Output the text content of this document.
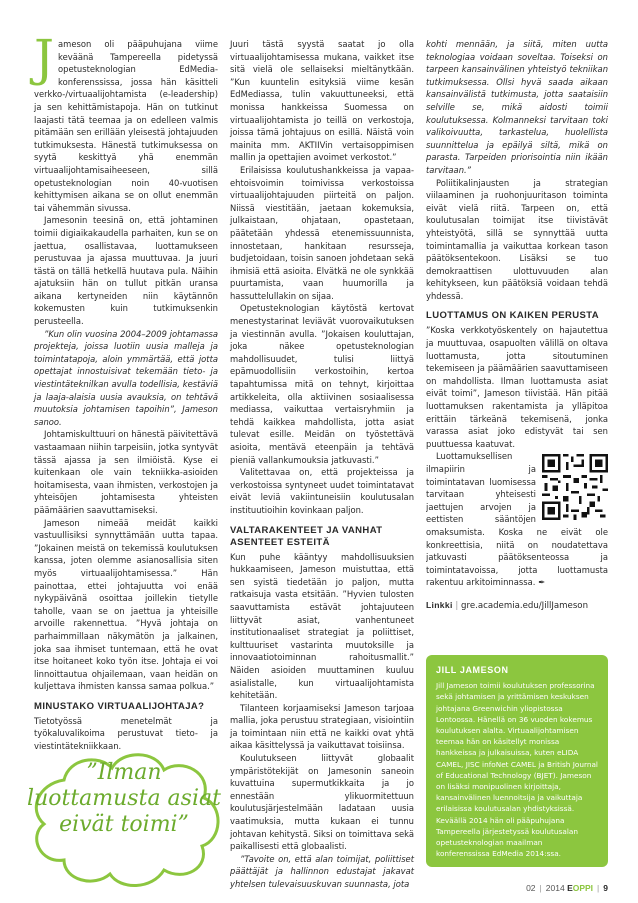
Jameson oli pääpuhujana viime keväänä Tampereella pidetyssä opetusteknologian EdMedia-konferenssissa, jossa hän käsitteli verkko-/virtuaalijohtamista (e-leadership) ja sen kehittämistapoja. Hän on tutkinut laajasti tätä teemaa ja on edelleen valmis pitämään sen erillään yleisestä johtajuuden tutkimuksesta. Hänestä tutkimuksessa on syytä keskittyä yhä enemmän virtuaalijohtamisaiheeseen, sillä opetusteknologian noin 40-vuotisen kehittymisen aikana se on ollut enemmän tai vähemmän sivussa.

Jamesonin teesinä on, että johtaminen toimii digiaikakaudella parhaiten, kun se on jaettua, osallistavaa, luottamukseen perustuvaa ja ajassa muuttuvaa. Ja juuri tästä on tällä hetkellä huutava pula. Näihin ajatuksiin hän on tullut pitkän uransa aikana kertyneiden niin käytännön kokemusten kuin tutkimuksenkin perusteella.

”Kun olin vuosina 2004–2009 johtamassa projekteja, joissa luotiin uusia malleja ja toimintatapoja, aloin ymmärtää, että jotta opettajat innostuisivat tekemään tieto- ja viestintäteknilkan avulla todellisia, kestäviä ja laaja-alaisia uusia avauksia, on tehtävä muutoksia johtamisen tapoihin”, Jameson sanoo.

Johtamiskulttuuri on hänestä päivitettävä vastaamaan niihin tarpeisiin, jotka syntyvät tässä ajassa ja sen ilmiöistä. Kyse ei kuitenkaan ole vain tekniikka-asioiden hoitamisesta, vaan ihmisten, verkostojen ja yhteisöjen johtamisesta yhteisten päämäärien saavuttamiseksi.

Jameson nimeää meidät kaikki vastuullisiksi synnyttämään uutta tapaa. ”Jokainen meistä on tekemissä koulutuksen kanssa, joten olemme asianosallisia siten myös virtuaalijohtamisessa.” Hän painottaa, ettei johtajuutta voi enää nykypäivänä osoittaa joillekin tietylle taholle, vaan se on jaettua ja yhteisille arvoille rakennettua. ”Hyvä johtaja on parhaimmillaan näkymätön ja jalkainen, joka saa ihmiset tuntemaan, että he ovat itse hoitaneet koko työn itse. Johtaja ei voi linnoittautua ohjailemaan, vaan heidän on kuljettava ihmisten kanssa samaa polkua.”

MINUSTAKO VIRTUAALIJOHTAJA?

Tietotyössä menetelmät ja työkaluvalikoima perustuvat tieto- ja viestintätekniikkaan.

”Ilman
luottamusta asiat
eivät toimi”

Juuri tästä syystä saatat jo olla virtuaalijohtamisessa mukana, vaikket itse sitä vielä ole sellaiseksi mieltänytkään. ”Kun kuuntelin esityksiä viime kesän EdMediassa, tulin vakuuttuneeksi, että monissa hankkeissa Suomessa on virtuaalijohtamista jo teillä on verkostoja, joissa tämä johtajuus on esillä. Näistä voin mainita mm. AKTIIVin vertaisoppimisen mallin ja opettajien avoimet verkostot.”

Erilaisissa koulutushankkeissa ja vapaa-ehtoisvoimin toimivissa verkostoissa virtuaalijohtajuuden piirteitä on paljon. Niissä viestitään, jaetaan kokemuksia, julkaistaan, ohjataan, opastetaan, päätetään yhdessä etenemissuunnista, innostetaan, hankitaan resursseja, budjetoidaan, toisin sanoen johdetaan sekä ihmisiä että asioita. Elvätkä ne ole synkkää puurtamista, vaan huumorilla ja hassuttelullakin on sijaa.

Opetusteknologian käytöstä kertovat menestystarinat leviävät vuorovaikutuksen ja viestinnän avulla. ”Jokaisen kouluttajan, joka näkee opetusteknologian mahdollisuudet, tulisi liittyä epämuodollisiin verkostoihin, kertoa tapahtumissa mitä on tehnyt, kirjoittaa artikkeleita, olla aktiivinen sosiaalisessa mediassa, vaikuttaa vertaisryhmiin ja tehdä kaikkea mahdollista, jotta asiat tulevat esille. Meidän on työstettävä asioita, mentävä eteenpäin ja tehtävä pieniä vallankumouksia jatkuvasti.”

Valitettavaa on, että projekteissa ja verkostoissa syntyneet uudet toimintatavat eivät leviä vakiintuneisiin koulutusalan instituutioihin kovinkaan paljon.

VALTARAKENTEET JA VANHAT ASENTEET ESTEITÄ

Kun puhe kääntyy mahdollisuuksien hukkaamiseen, Jameson muistuttaa, että sen syistä tiedetään jo paljon, mutta ratkaisuja vasta etsitään. ”Hyvien tulosten saavuttamista estävät johtajuuteen liittyvät asiat, vanhentuneet institutionaaliset strategiat ja poliittiset, kulttuuriset vastarinta muutoksille ja innovaatiotoiminnan rahoitusmallit.” Näiden asioiden muuttaminen kuuluu asialistalle, kun virtuaalijohtamista kehitetään.

Tilanteen korjaamiseksi Jameson tarjoaa mallia, joka perustuu strategiaan, visiointiin ja toimintaan niin että ne kaikki ovat yhtä aikaa käsittelyssä ja vaikuttavat toisiinsa.

Koulutukseen liittyvät globaalit ympäristötekijät on Jamesonin saneoin kuvattuina supermutkikkaita ja jo ennestään ylikuormitettuun koulutusjärjestelmään ladataan uusia vaatimuksia, mutta kukaan ei tunnu johtavan kehitystä. Siksi on toimittava sekä paikallisesti että globaalisti.

”Tavoite on, että alan toimijat, poliittiset päättäjät ja hallinnon edustajat jakavat yhtelsen tulevaisuuskuvan suunnasta, jota

kohti mennään, ja siitä, miten uutta teknologiaa voidaan soveltaa. Toiseksi on tarpeen kansainvälinen yhteistyö tekniikan tutkimuksessa. Ollsi hyvä saada aikaan kansainvälistä tutkimusta, jotta saataisiin selville se, mikä aidosti toimii koulutuksessa. Kolmanneksi tarvitaan toki valikoivuutta, tarkastelua, huolellista suunnittelua ja epäilyä siltä, mikä on parasta. Tarpeiden priorisointia niin ikään tarvitaan.”

Poliitikalinjausten ja strategian viilaaminen ja ruohonjuuritason toiminta eivät vielä riitä. Tarpeen on, että koulutusalan toimijat itse tiivistävät yhteistyötä, sillä se synnyttää uutta toimintamallia ja vaikuttaa korkean tason päätöksentekoon. Lisäksi se tuo demokraattisen ulottuvuuden alan kehitykseen, kun päätöksiä voidaan tehdä yhdessä.

LUOTTAMUS ON KAIKEN PERUSTA

”Koska verkkotyöskentely on hajautettua ja muuttuvaa, osapuolten välillä on oltava luottamusta, jotta sitoutuminen tekemiseen ja päämäärien saavuttamiseen on mahdollista. Ilman luottamusta asiat eivät toimi”, Jameson tiivistää. Hän pitää luottamuksen rakentamista ja ylläpitoa erittäin tärkeänä tekemisenä, jonka varassa asiat joko edistyvät tai sen puuttuessa kaatuvat.

Luottamuksellisen ilmapiirin ja toimintatavan luomisessa tarvitaan yhteisesti jaettujen arvojen ja eettisten sääntöjen omaksumista. Koska ne eivät ole konkreettisia, niitä on noudatettava jatkuvasti päätöksenteossa ja toimintatavoissa, jotta luottamusta rakentuu arkitoiminnassa. ✒

Linkki | gre.academia.edu/JillJameson
JILL JAMESON

Jill Jameson toimii koulutuksen professorina sekä johtamisen ja yrittämisen keskuksen johtajana Greenwichin yliopistossa Lontoossa. Hänellä on 36 vuoden kokemus koulutuksen alalta. Virtuaalijohtamisen teemaa hän on käsitellyt monissa hankkeissa ja julkaisuissa, kuten eLIDA CAMEL, JISC infoNet CAMEL ja British Journal of Educational Technology (BJET). Jameson on lisäksi monipuolinen kirjoittaja, kansainvälinen luennoitsija ja vaikuttaja erilaisissa koulutusalan yhdistyksissä. Keväällä 2014 hän oli pääpuhujana Tampereella järjestetyssä koulutusalan opetusteknologian maailman konferenssissa EdMedia 2014:ssa.

02 | 2014 EOPPI | 9
